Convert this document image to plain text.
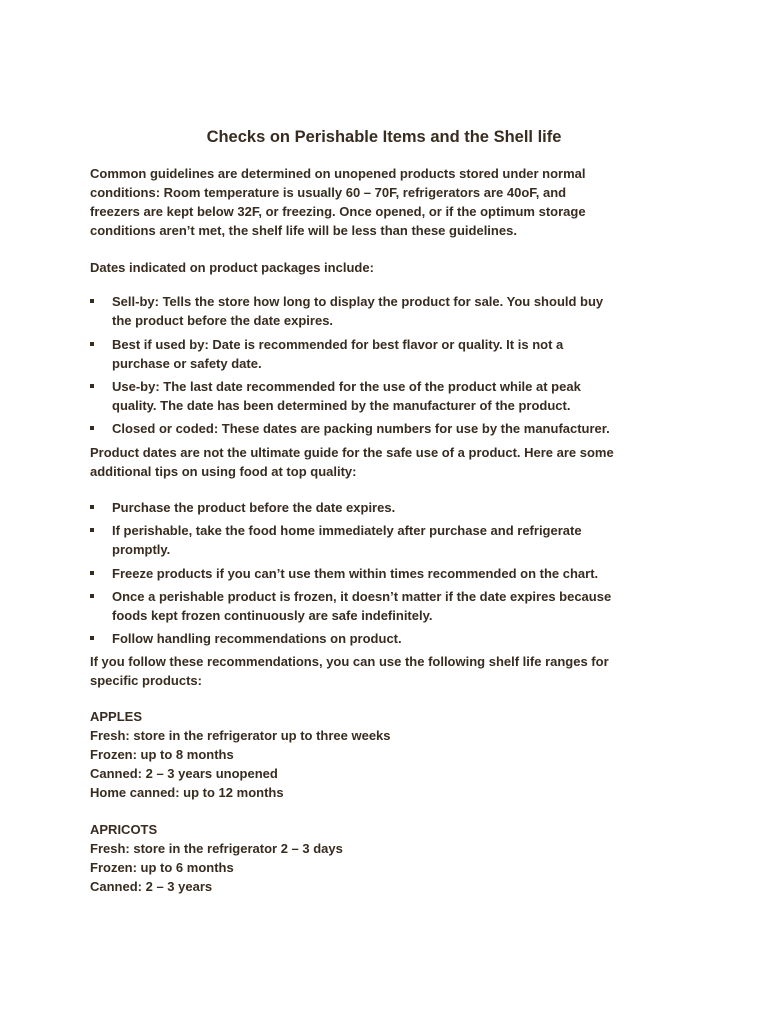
Checks on Perishable Items and the Shell life
Common guidelines are determined on unopened products stored under normal
conditions: Room temperature is usually 60 – 70F, refrigerators are 40oF, and
freezers are kept below 32F, or freezing. Once opened, or if the optimum storage
conditions aren’t met, the shelf life will be less than these guidelines.
Dates indicated on product packages include:
Sell-by: Tells the store how long to display the product for sale. You should buy
the product before the date expires.
Best if used by: Date is recommended for best flavor or quality. It is not a
purchase or safety date.
Use-by: The last date recommended for the use of the product while at peak
quality. The date has been determined by the manufacturer of the product.
Closed or coded: These dates are packing numbers for use by the manufacturer.
Product dates are not the ultimate guide for the safe use of a product. Here are some
additional tips on using food at top quality:
Purchase the product before the date expires.
If perishable, take the food home immediately after purchase and refrigerate
promptly.
Freeze products if you can’t use them within times recommended on the chart.
Once a perishable product is frozen, it doesn’t matter if the date expires because
foods kept frozen continuously are safe indefinitely.
Follow handling recommendations on product.
If you follow these recommendations, you can use the following shelf life ranges for
specific products:
APPLES
Fresh: store in the refrigerator up to three weeks
Frozen: up to 8 months
Canned: 2 – 3 years unopened
Home canned: up to 12 months
APRICOTS
Fresh: store in the refrigerator 2 – 3 days
Frozen: up to 6 months
Canned: 2 – 3 years
